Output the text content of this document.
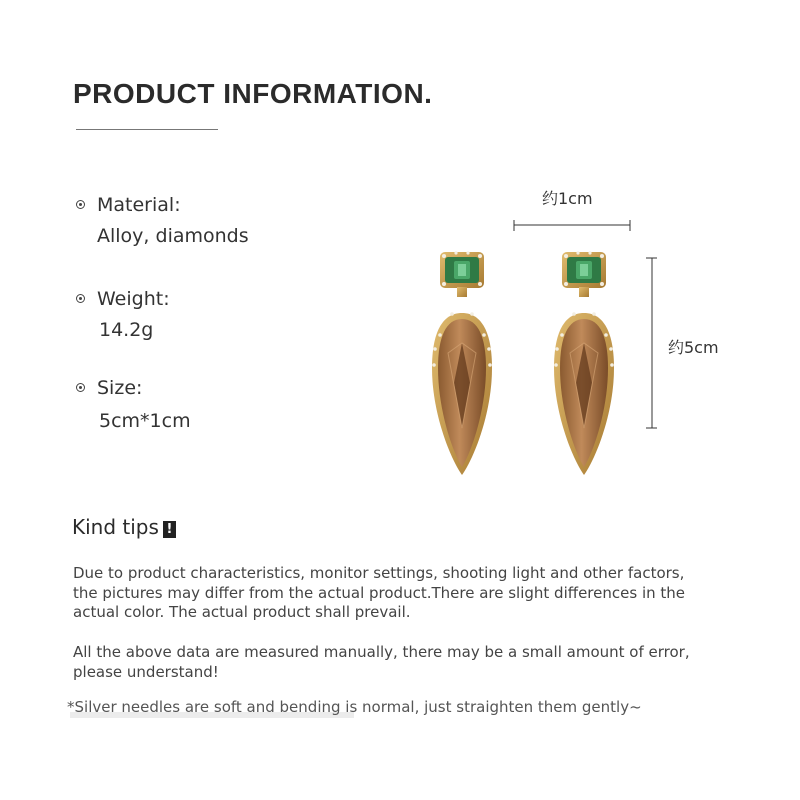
PRODUCT INFORMATION.
Material:
Alloy, diamonds
Weight:
14.2g
Size:
5cm*1cm
约1cm
约5cm
Kind tips !
Due to product characteristics, monitor settings, shooting light and other factors, the pictures may differ from the actual product.There are slight differences in the actual color. The actual product shall prevail.
All the above data are measured manually, there may be a small amount of error, please understand!
*Silver needles are soft and bending is normal, just straighten them gently~
